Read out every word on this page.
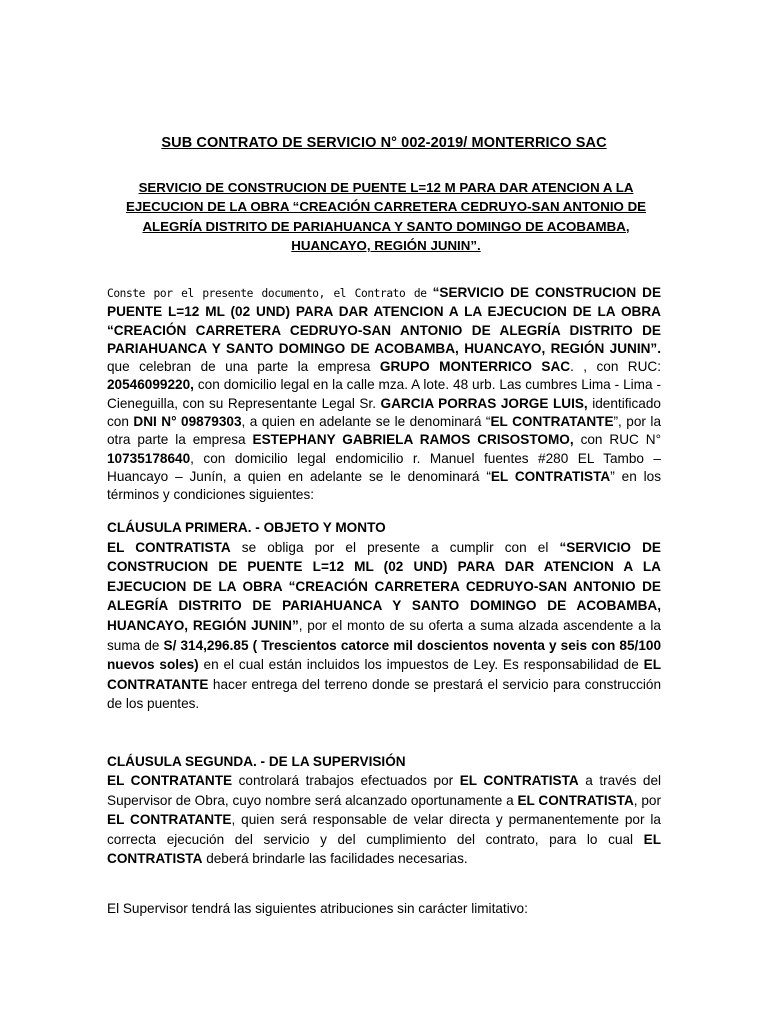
SUB CONTRATO DE SERVICIO N° 002-2019/ MONTERRICO SAC
SERVICIO DE CONSTRUCION DE PUENTE L=12 M PARA DAR ATENCION A LA EJECUCION DE LA OBRA “CREACIÓN CARRETERA CEDRUYO-SAN ANTONIO DE ALEGRÍA DISTRITO DE PARIAHUANCA Y SANTO DOMINGO DE ACOBAMBA, HUANCAYO, REGIÓN JUNIN”.
Conste por el presente documento, el Contrato de “SERVICIO DE CONSTRUCION DE PUENTE L=12 ML (02 UND) PARA DAR ATENCION A LA EJECUCION DE LA OBRA “CREACIÓN CARRETERA CEDRUYO-SAN ANTONIO DE ALEGRÍA DISTRITO DE PARIAHUANCA Y SANTO DOMINGO DE ACOBAMBA, HUANCAYO, REGIÓN JUNIN”. que celebran de una parte la empresa GRUPO MONTERRICO SAC. , con RUC: 20546099220, con domicilio legal en la calle mza. A lote. 48 urb. Las cumbres Lima - Lima - Cieneguilla, con su Representante Legal Sr. GARCIA PORRAS JORGE LUIS, identificado con DNI N° 09879303, a quien en adelante se le denominará “EL CONTRATANTE”, por la otra parte la empresa ESTEPHANY GABRIELA RAMOS CRISOSTOMO, con RUC N° 10735178640, con domicilio legal endomicilio r. Manuel fuentes #280 EL Tambo – Huancayo – Junín, a quien en adelante se le denominará “EL CONTRATISTA” en los términos y condiciones siguientes:
CLÁUSULA PRIMERA. - OBJETO Y MONTO
EL CONTRATISTA se obliga por el presente a cumplir con el “SERVICIO DE CONSTRUCION DE PUENTE L=12 ML (02 UND) PARA DAR ATENCION A LA EJECUCION DE LA OBRA “CREACIÓN CARRETERA CEDRUYO-SAN ANTONIO DE ALEGRÍA DISTRITO DE PARIAHUANCA Y SANTO DOMINGO DE ACOBAMBA, HUANCAYO, REGIÓN JUNIN”, por el monto de su oferta a suma alzada ascendente a la suma de S/ 314,296.85 ( Trescientos catorce mil doscientos noventa y seis con 85/100 nuevos soles) en el cual están incluidos los impuestos de Ley. Es responsabilidad de EL CONTRATANTE hacer entrega del terreno donde se prestará el servicio para construcción de los puentes.
CLÁUSULA SEGUNDA. - DE LA SUPERVISIÓN
EL CONTRATANTE controlará trabajos efectuados por EL CONTRATISTA a través del Supervisor de Obra, cuyo nombre será alcanzado oportunamente a EL CONTRATISTA, por EL CONTRATANTE, quien será responsable de velar directa y permanentemente por la correcta ejecución del servicio y del cumplimiento del contrato, para lo cual EL CONTRATISTA deberá brindarle las facilidades necesarias.
El Supervisor tendrá las siguientes atribuciones sin carácter limitativo:
